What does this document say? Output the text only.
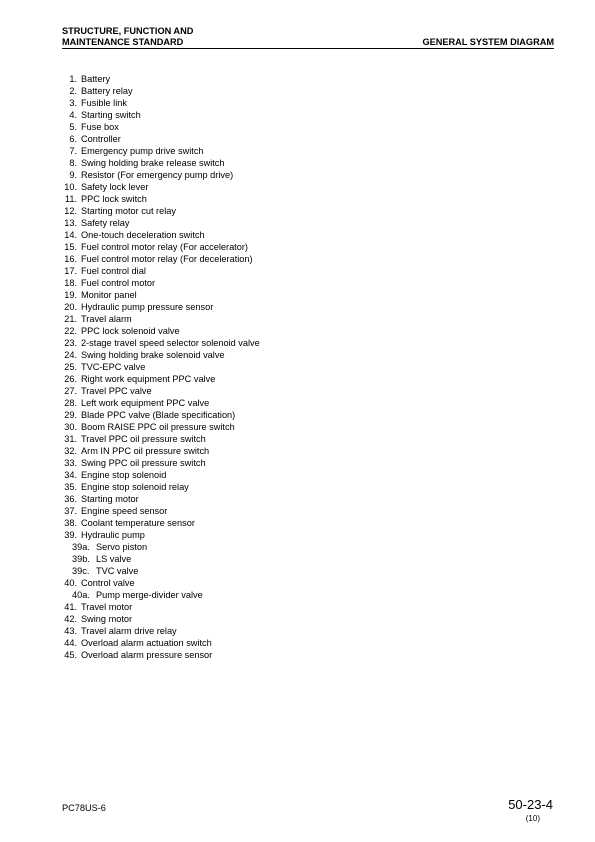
STRUCTURE, FUNCTION AND
MAINTENANCE STANDARD	GENERAL SYSTEM DIAGRAM
1. Battery
2. Battery relay
3. Fusible link
4. Starting switch
5. Fuse box
6. Controller
7. Emergency pump drive switch
8. Swing holding brake release switch
9. Resistor (For emergency pump drive)
10. Safety lock lever
11. PPC lock switch
12. Starting motor cut relay
13. Safety relay
14. One-touch deceleration switch
15. Fuel control motor relay (For accelerator)
16. Fuel control motor relay (For deceleration)
17. Fuel control dial
18. Fuel control motor
19. Monitor panel
20. Hydraulic pump pressure sensor
21. Travel alarm
22. PPC lock solenoid valve
23. 2-stage travel speed selector solenoid valve
24. Swing holding brake solenoid valve
25. TVC-EPC valve
26. Right work equipment PPC valve
27. Travel PPC valve
28. Left work equipment PPC valve
29. Blade PPC valve (Blade specification)
30. Boom RAISE PPC oil pressure switch
31. Travel PPC oil pressure switch
32. Arm IN PPC oil pressure switch
33. Swing PPC oil pressure switch
34. Engine stop solenoid
35. Engine stop solenoid relay
36. Starting motor
37. Engine speed sensor
38. Coolant temperature sensor
39. Hydraulic pump
39a. Servo piston
39b. LS valve
39c. TVC valve
40. Control valve
40a. Pump merge-divider valve
41. Travel motor
42. Swing motor
43. Travel alarm drive relay
44. Overload alarm actuation switch
45. Overload alarm pressure sensor
PC78US-6	50-23-4
(10)
